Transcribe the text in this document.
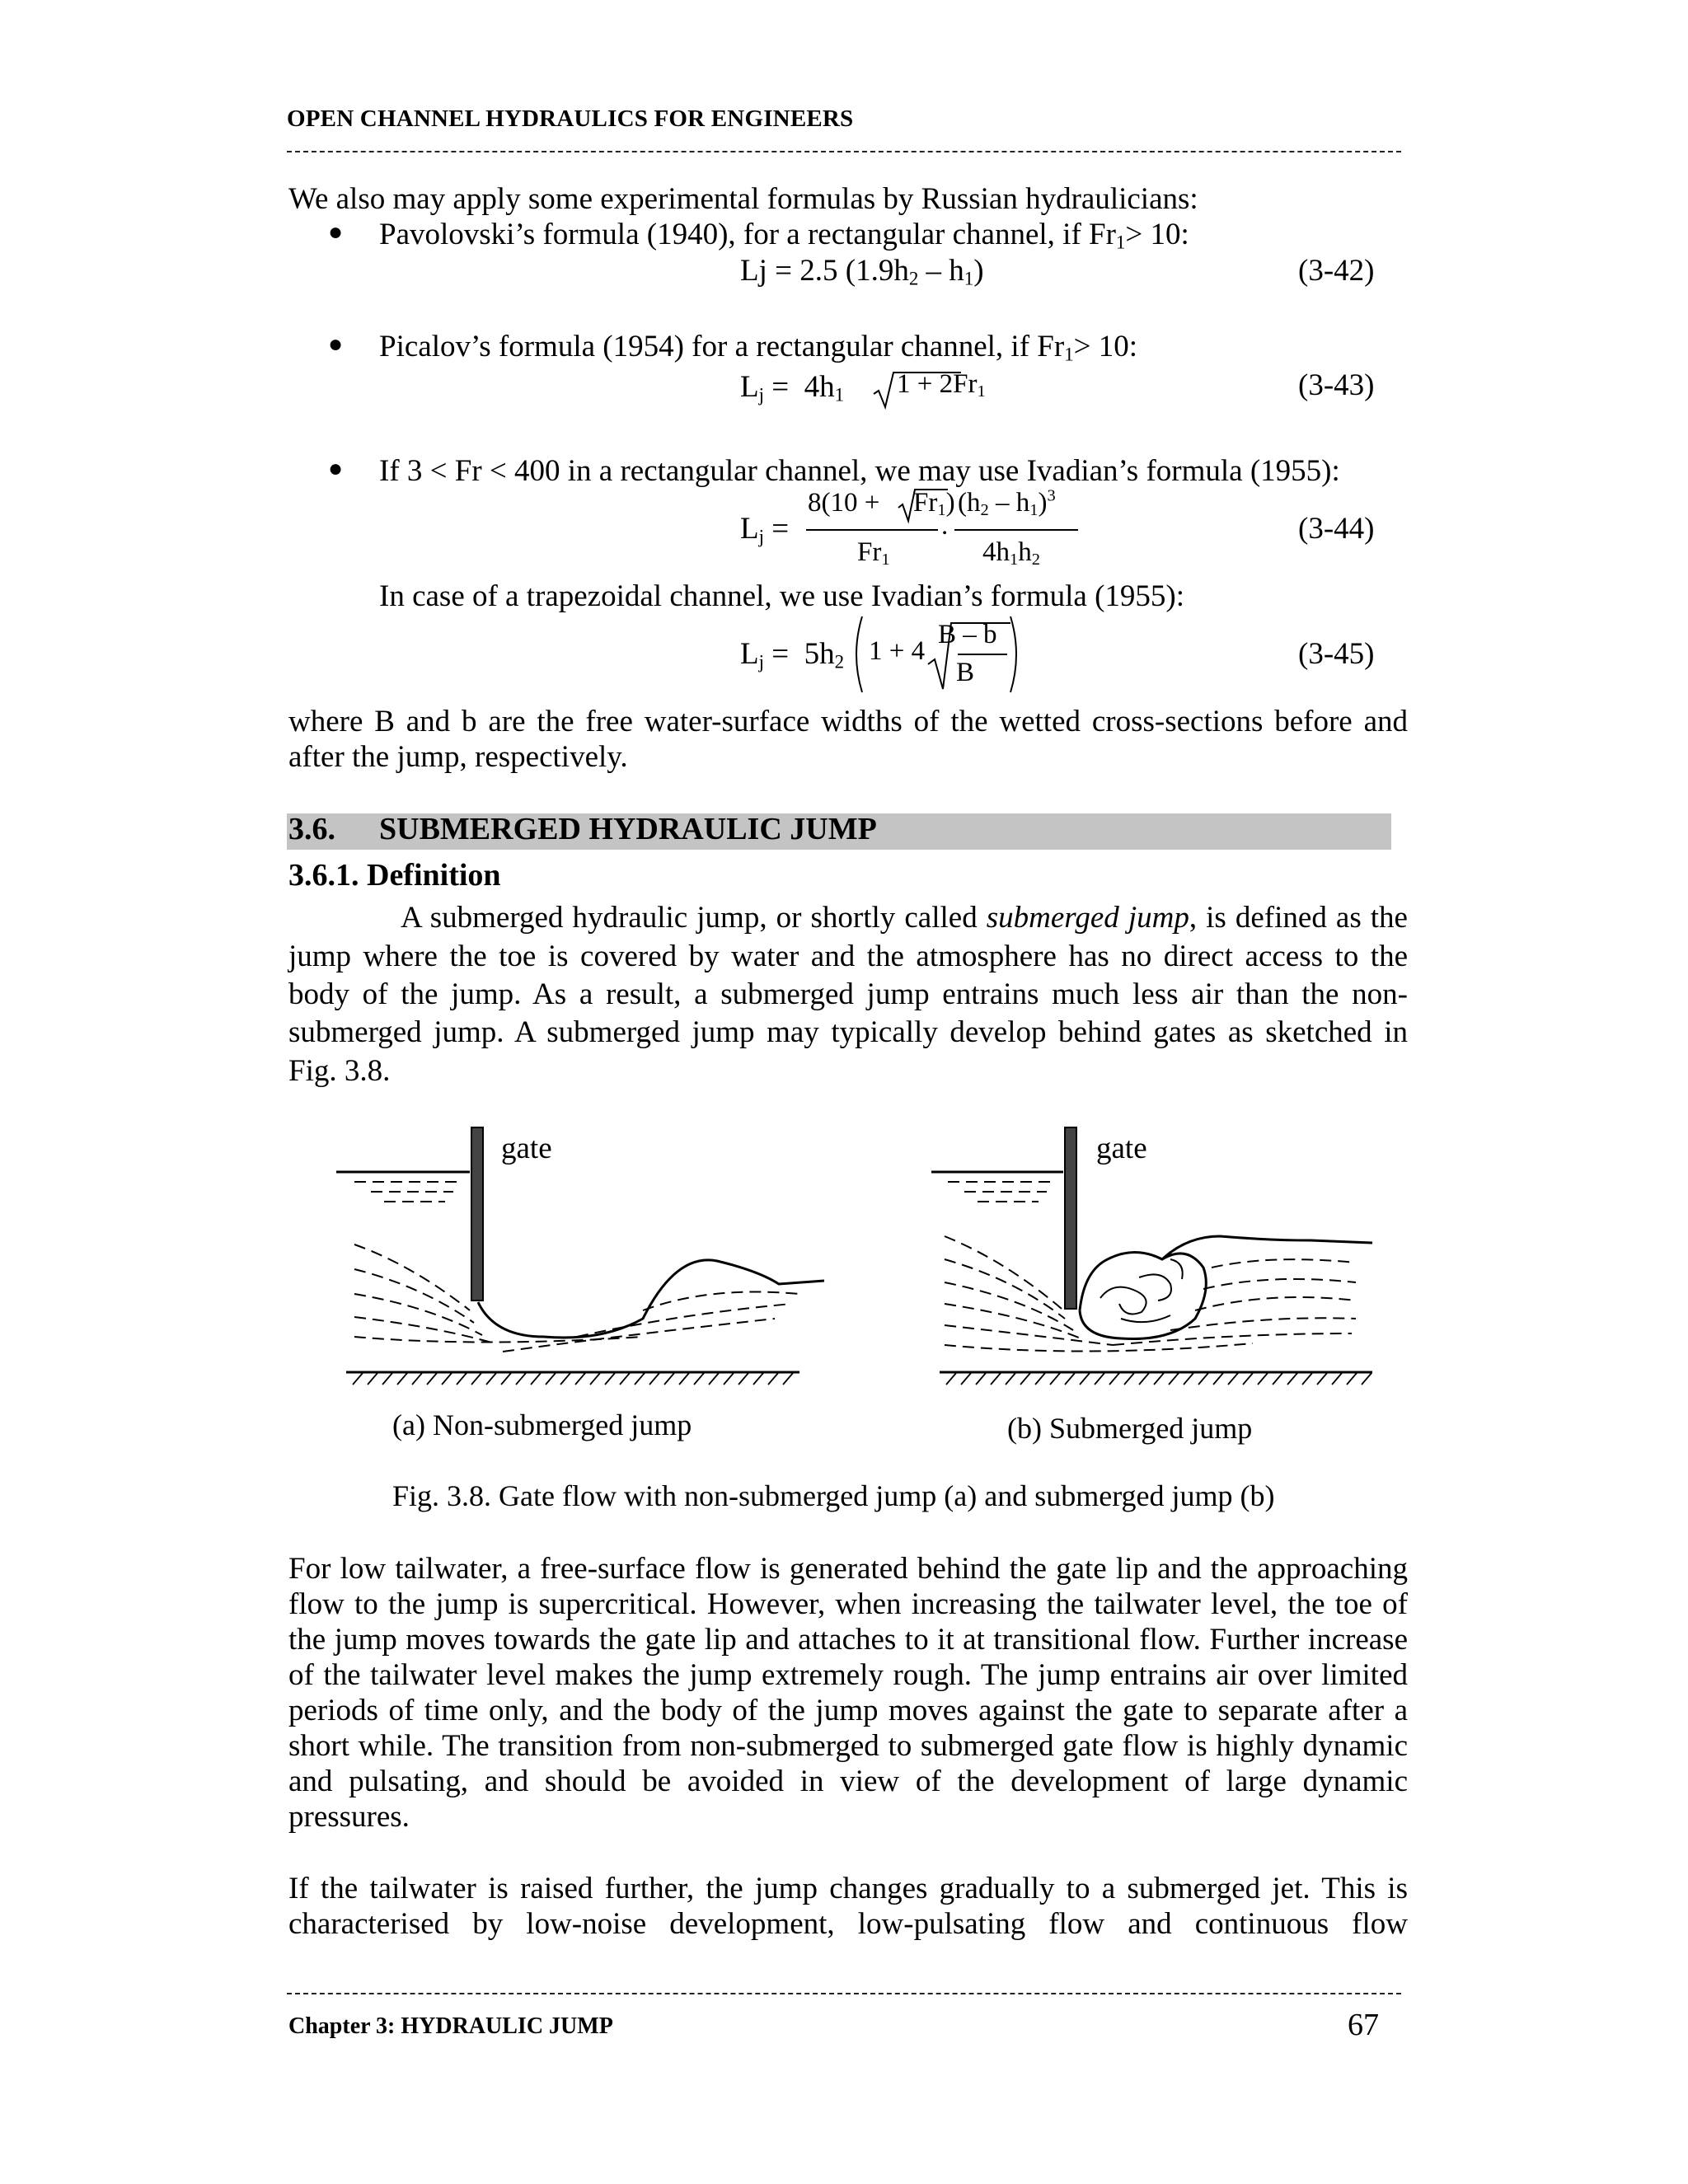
OPEN CHANNEL HYDRAULICS FOR ENGINEERS
We also may apply some experimental formulas by Russian hydraulicians:
● Pavolovski’s formula (1940), for a rectangular channel, if $Fr_1> 10$:
Lj = 2.5 $(1.9h_2 - h_1)$	(3-42)
● Picalov’s formula (1954) for a rectangular channel, if $Fr_1> 10$:
$L_j = 4h_1$ $1 + 2Fr_1$	(3-43)
● If 3 < Fr < 400 in a rectangular channel, we may use Ivadian’s formula (1955):
$L_j$ =
$8(10 + Fr_1)$
$Fr_1$
.
$(h_2 - h_1)^3$
$4h_1h_2$
(3-44)
In case of a trapezoidal channel, we use Ivadian’s formula (1955):
$L_j = 5h_2$ 1 + 4
B – b
B
(3-45)
where B and b are the free water-surface widths of the wetted cross-sections before and
after the jump, respectively.
3.6. SUBMERGED HYDRAULIC JUMP
3.6.1. Definition
A submerged hydraulic jump, or shortly called submerged jump, is defined as the
jump where the toe is covered by water and the atmosphere has no direct access to the
body of the jump. As a result, a submerged jump entrains much less air than the non-
submerged jump. A submerged jump may typically develop behind gates as sketched in
Fig. 3.8.
gate	gate
(a) Non-submerged jump	(b) Submerged jump
Fig. 3.8. Gate flow with non-submerged jump (a) and submerged jump (b)
For low tailwater, a free-surface flow is generated behind the gate lip and the approaching
flow to the jump is supercritical. However, when increasing the tailwater level, the toe of
the jump moves towards the gate lip and attaches to it at transitional flow. Further increase
of the tailwater level makes the jump extremely rough. The jump entrains air over limited
periods of time only, and the body of the jump moves against the gate to separate after a
short while. The transition from non-submerged to submerged gate flow is highly dynamic
and pulsating, and should be avoided in view of the development of large dynamic
pressures.
If the tailwater is raised further, the jump changes gradually to a submerged jet. This is
characterised by low-noise development, low-pulsating flow and continuous flow
Chapter 3: HYDRAULIC JUMP	67
